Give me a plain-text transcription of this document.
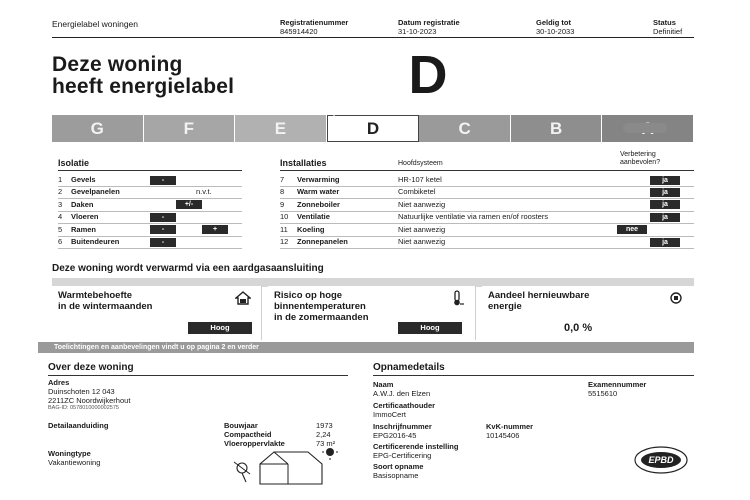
Energielabel woningen	Registratienummer
845914420
Datum registratie
31-10-2023
Geldig tot
30-10-2033
Status
Definitief
Deze woning
heeft energielabel	D
G	F	E	D	C	B
Isolatie
1	Gevels	-
2	Gevelpanelen	n.v.t.
3	Daken	+/-
4	Vloeren	-
5	Ramen	-	+
6	Buitendeuren	-
Installaties	Hoofdsysteem
Verbetering
aanbevolen?
7	Verwarming	HR-107 ketel	ja
8	Warm water	Combiketel	ja
9	Zonneboiler	Niet aanwezig	ja
10 Ventilatie	Natuurlijke ventilatie via ramen en/of roosters	ja
11 Koeling	Niet aanwezig	nee
12 Zonnepanelen	Niet aanwezig	ja
Deze woning wordt verwarmd via een aardgasaansluiting
Warmtebehoefte
in de wintermaanden
Hoog
Risico op hoge
binnentemperaturen
in de zomermaanden
Hoog
Aandeel hernieuwbare
energie
0,0 %
Toelichtingen en aanbevelingen vindt u op pagina 2 en verder
Over deze woning
Adres
Duinschoten 12 043
2211ZC Noordwijkerhout
BAG-ID: 0578010000002575
Detailaanduiding
Woningtype
Vakantiewoning
Bouwjaar	1973
Compactheid	2,24
Vloeroppervlakte	73 m²
Opnamedetails
Naam
A.W.J. den Elzen
Examennummer
5515610
Certificaathouder
ImmoCert
Inschrijfnummer
EPG2016-45
KvK-nummer
10145406
Certificerende instelling
EPG-Certificering
Soort opname
Basisopname
EPBD
